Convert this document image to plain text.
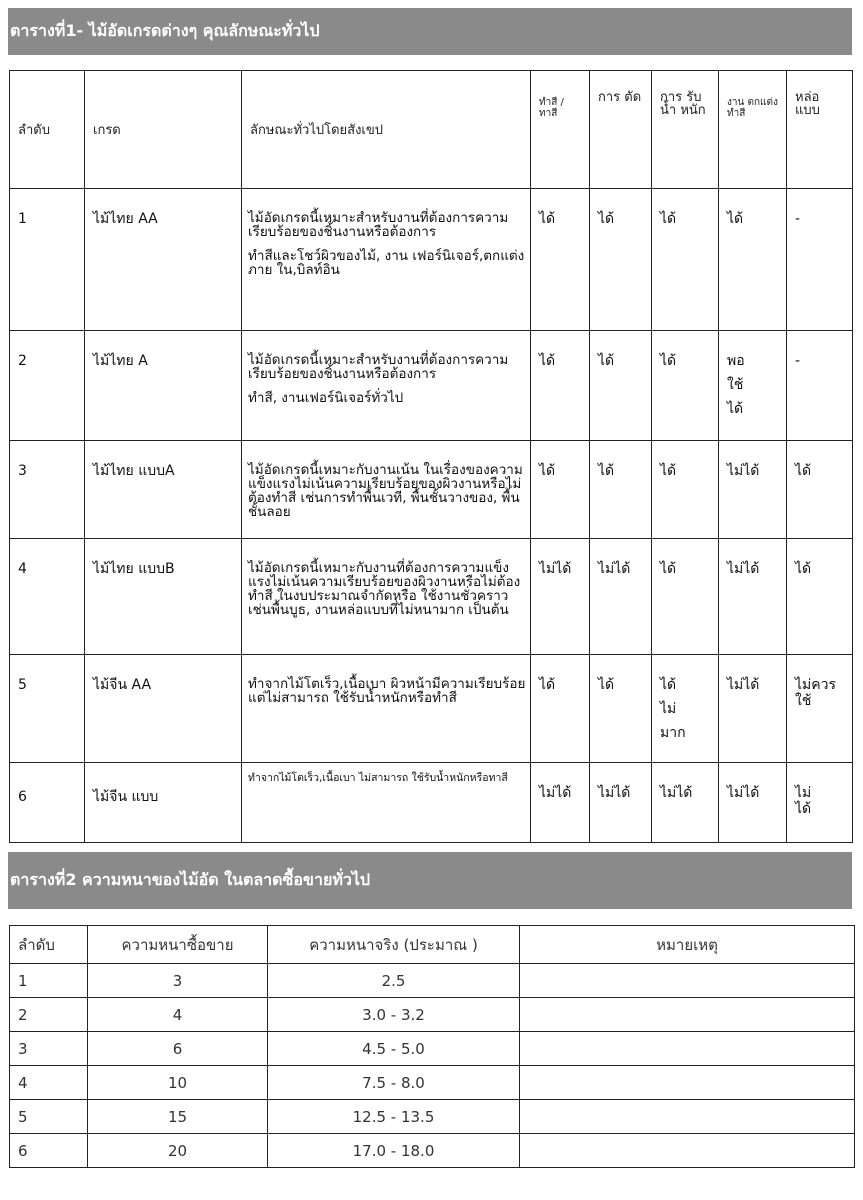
ตารางที่1- ไม้อัดเกรดต่างๆ คุณลักษณะทั่วไป
ลำดับ	เกรด	ลักษณะทั่วไปโดยสังเขป	ทำสี / ทาสี	การ ตัด	การ รับน้ำ หนัก	งาน ตกแต่ง ทำสี	หล่อ แบบ
1	ไม้ไทย AA	ไม้อัดเกรดนี้เหมาะสำหรับงานที่ต้องการความเรียบร้อยของชิ้นงานหรือต้องการ

ทำสีและโชว์ผิวของไม้, งาน เฟอร์นิเจอร์,ตกแต่งภาย ใน,บิลท์อิน	ได้	ได้	ได้	ได้	-
2	ไม้ไทย A	ไม้อัดเกรดนี้เหมาะสำหรับงานที่ต้องการความเรียบร้อยของชิ้นงานหรือต้องการ

ทำสี, งานเฟอร์นิเจอร์ทั่วไป	ได้	ได้	ได้	พอ ใช้ ได้	-
3	ไม้ไทย แบบA	ไม้อัดเกรดนี้เหมาะกับงานเน้น ในเรื่องของความแข็งแรงไม่เน้นความเรียบร้อยของผิวงานหรือไม่ต้องทำสี เช่นการทำพื้นเวที, พื้นชั้นวางของ, พื้นชั้นลอย	ได้	ได้	ได้	ไม่ได้	ได้
4	ไม้ไทย แบบB	ไม้อัดเกรดนี้เหมาะกับงานที่ต้องการความแข็งแรงไม่เน้นความเรียบร้อยของผิวงานหรือไม่ต้องทำสี ในงบประมาณจำกัดหรือ ใช้งานชั่วคราวเช่นพื้นบูธ, งานหล่อแบบที่ไม่หนามาก เป็นต้น	ไม่ได้	ไม่ได้	ได้	ไม่ได้	ได้
5	ไม้จีน AA	ทำจากไม้โตเร็ว,เนื้อเบา ผิวหน้ามีความเรียบร้อย แต่ไม่สามารถ ใช้รับน้ำหนักหรือทำสี	ได้	ได้	ได้ ไม่ มาก	ไม่ได้	ไม่ควร ใช้

6	ไม้จีน แบบ	ทำจากไม้โตเร็ว,เนื้อเบา ไม่สามารถ ใช้รับน้ำหนักหรือทาสี	ไม่ได้	ไม่ได้	ไม่ได้	ไม่ได้	ไม่ ได้
ตารางที่2 ความหนาของไม้อัด ในตลาดซื้อขายทั่วไป
ลำดับ	ความหนาซื้อขาย	ความหนาจริง (ประมาณ )	หมายเหตุ
1	3	2.5	
2	4	3.0 - 3.2	
3	6	4.5 - 5.0	
4	10	7.5 - 8.0	
5	15	12.5 - 13.5	
6	20	17.0 - 18.0	
